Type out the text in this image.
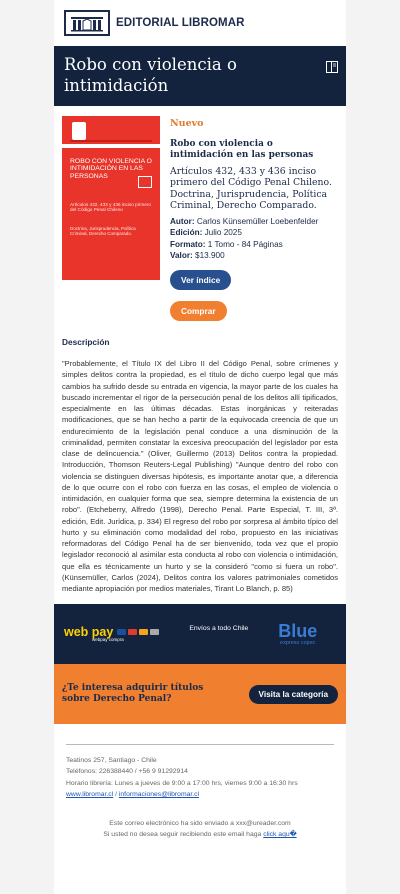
EDITORIAL LIBROMAR
Robo con violencia o intimidación
ROBO CON VIOLENCIA O INTIMIDACIÓN EN LAS PERSONAS
Artículos 432, 433 y 436 inciso primero del Código Penal Chileno
Doctrina, Jurisprudencia, Política Criminal, Derecho Comparado.
Nuevo
Robo con violencia o intimidación en las personas
Artículos 432, 433 y 436 inciso primero del Código Penal Chileno. Doctrina, Jurisprudencia, Política Criminal, Derecho Comparado.
Autor: Carlos Künsemüller Loebenfelder
Edición: Julio 2025
Formato: 1 Tomo - 84 Páginas
Valor: $13.900
Ver índice
Comprar
Descripción

"Probablemente, el Título IX del Libro II del Código Penal, sobre crímenes y simples delitos contra la propiedad, es el título de dicho cuerpo legal que más cambios ha sufrido desde su entrada en vigencia, la mayor parte de los cuales ha buscado incrementar el rigor de la persecución penal de los delitos allí tipificados, especialmente en las últimas décadas. Estas inorgánicas y reiteradas modificaciones, que se han hecho a partir de la equivocada creencia de que un endurecimiento de la legislación penal conduce a una disminución de la criminalidad, permiten constatar la excesiva preocupación del legislador por esta clase de delincuencia." (Oliver, Guillermo (2013) Delitos contra la propiedad. Introducción, Thomson Reuters-Legal Publishing) "Aunque dentro del robo con violencia se distinguen diversas hipótesis, es importante anotar que, a diferencia de lo que ocurre con el robo con fuerza en las cosas, el empleo de violencia o intimidación, en cualquier forma que sea, siempre determina la existencia de un robo". (Etcheberry, Alfredo (1998), Derecho Penal. Parte Especial, T. III, 3ª. edición, Edit. Jurídica, p. 334) El regreso del robo por sorpresa al ámbito típico del hurto y su eliminación como modalidad del robo, propuesto en las iniciativas reformadoras del Código Penal ha de ser bienvenido, toda vez que el propio legislador reconoció al asimilar esta conducta al robo con violencia o intimidación, que ella es técnicamente un hurto y se la consideró "como si fuera un robo". (Künsemüller, Carlos (2024), Delitos contra los valores patrimoniales cometidos mediante apropiación por medios materiales, Tirant Lo Blanch, p. 85)

web pay
webpay compra
Envíos a todo Chile Blue
express copec
¿Te interesa adquirir títulos sobre Derecho Penal?	Visita la categoría
Teatinos 257, Santiago - Chile
Teléfonos: 226388440 / +56 9 91292914
Horario librería: Lunes a jueves de 9:00 a 17:00 hrs, viernes 9:00 a 16:30 hrs
www.libromar.cl / informaciones@libromar.cl
Este correo electrónico ha sido enviado a xxx@ureader.com
Si usted no desea seguir recibiendo este email haga click aqu�
